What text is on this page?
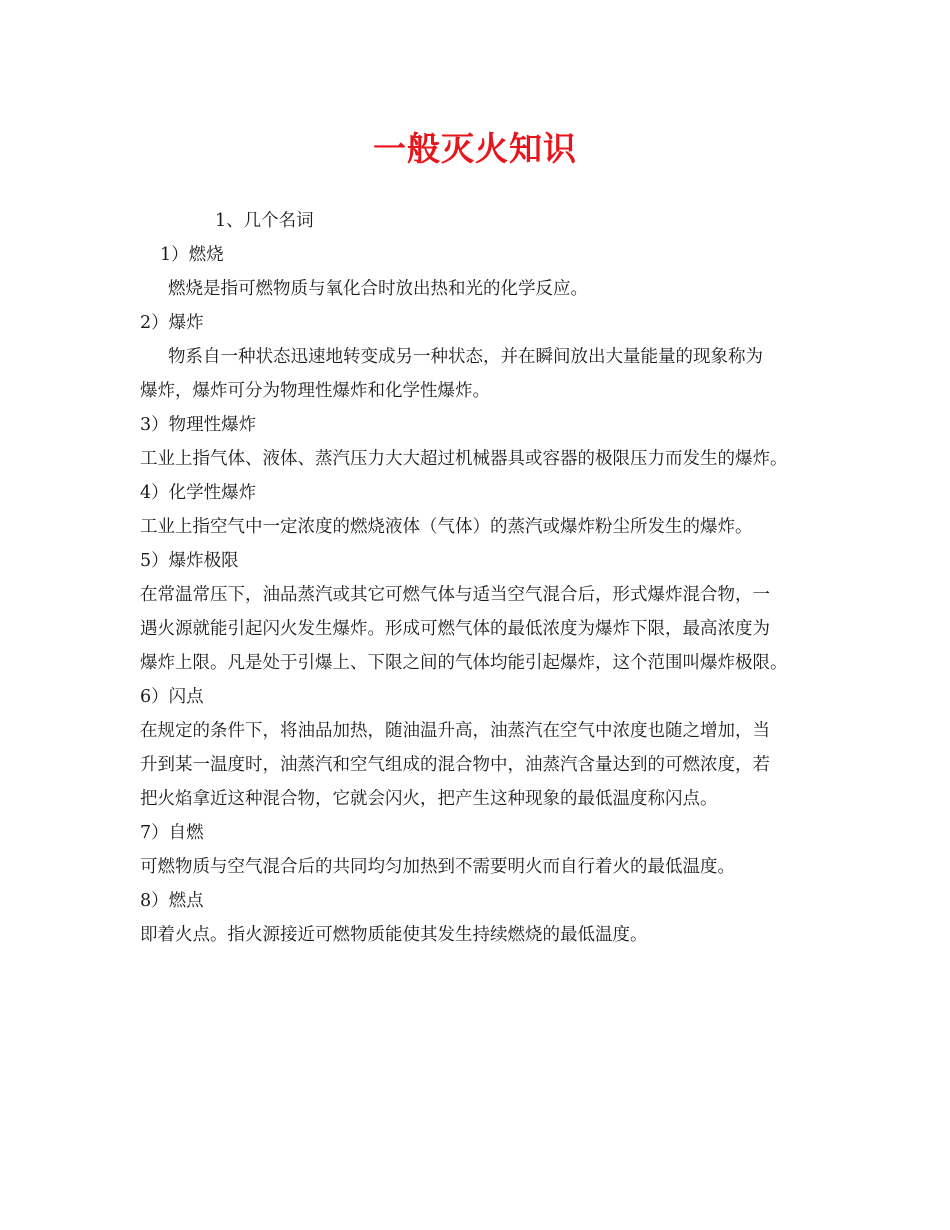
一般灭火知识

1、几个名词

1）燃烧

燃烧是指可燃物质与氧化合时放出热和光的化学反应。

2）爆炸

物系自一种状态迅速地转变成另一种状态，并在瞬间放出大量能量的现象称为

爆炸，爆炸可分为物理性爆炸和化学性爆炸。

3）物理性爆炸

工业上指气体、液体、蒸汽压力大大超过机械器具或容器的极限压力而发生的爆炸。

4）化学性爆炸

工业上指空气中一定浓度的燃烧液体（气体）的蒸汽或爆炸粉尘所发生的爆炸。

5）爆炸极限

在常温常压下，油品蒸汽或其它可燃气体与适当空气混合后，形式爆炸混合物，一

遇火源就能引起闪火发生爆炸。形成可燃气体的最低浓度为爆炸下限，最高浓度为

爆炸上限。凡是处于引爆上、下限之间的气体均能引起爆炸，这个范围叫爆炸极限。

6）闪点

在规定的条件下，将油品加热，随油温升高，油蒸汽在空气中浓度也随之增加，当

升到某一温度时，油蒸汽和空气组成的混合物中，油蒸汽含量达到的可燃浓度，若

把火焰拿近这种混合物，它就会闪火，把产生这种现象的最低温度称闪点。

7）自燃

可燃物质与空气混合后的共同均匀加热到不需要明火而自行着火的最低温度。

8）燃点

即着火点。指火源接近可燃物质能使其发生持续燃烧的最低温度。
